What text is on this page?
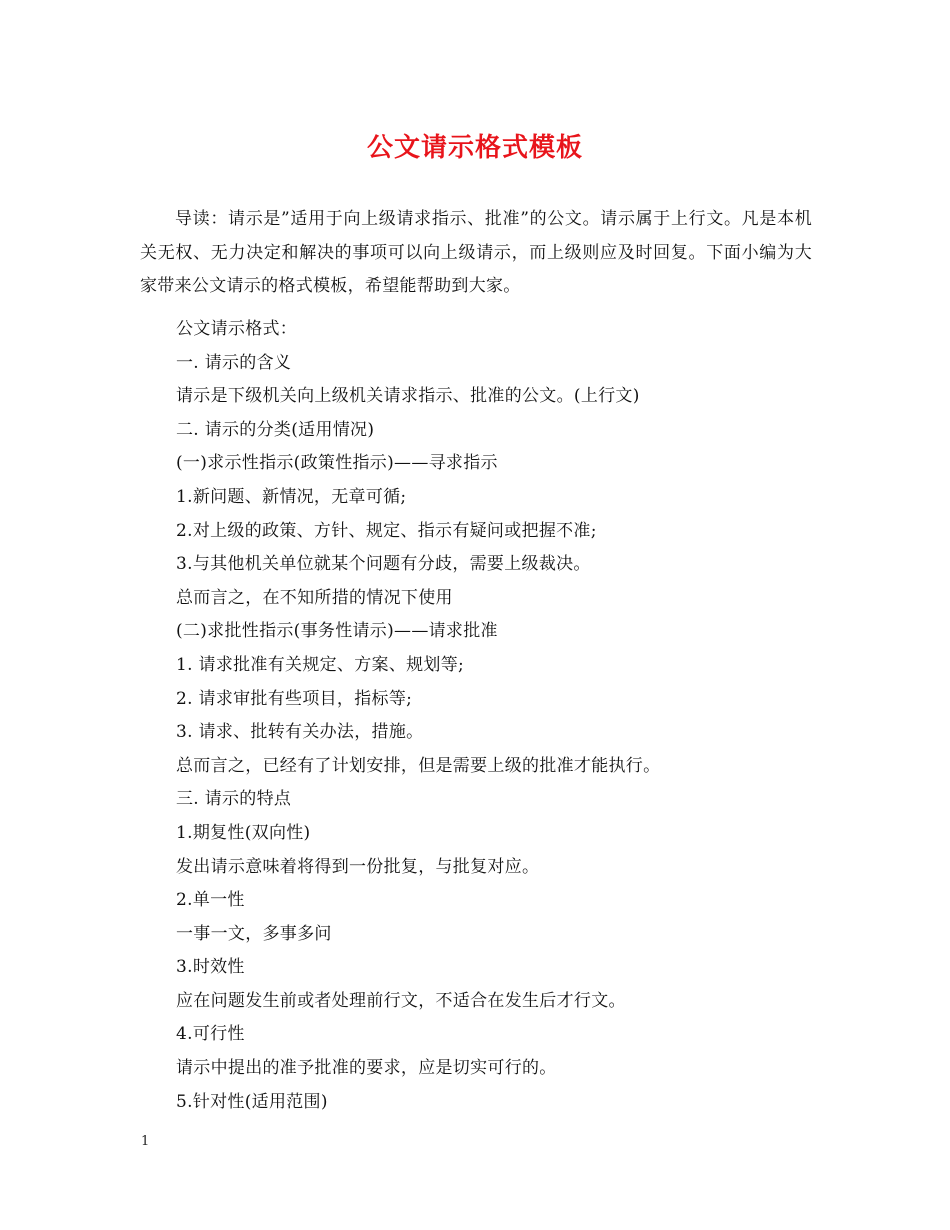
公文请示格式模板
导读：请示是”适用于向上级请求指示、批准”的公文。请示属于上行文。凡是本机关无权、无力决定和解决的事项可以向上级请示，而上级则应及时回复。下面小编为大家带来公文请示的格式模板，希望能帮助到大家。
公文请示格式：
一. 请示的含义
请示是下级机关向上级机关请求指示、批准的公文。(上行文)
二. 请示的分类(适用情况)
(一)求示性指示(政策性指示)——寻求指示
1.新问题、新情况，无章可循;
2.对上级的政策、方针、规定、指示有疑问或把握不准;
3.与其他机关单位就某个问题有分歧，需要上级裁决。
总而言之，在不知所措的情况下使用
(二)求批性指示(事务性请示)——请求批准
1. 请求批准有关规定、方案、规划等;
2. 请求审批有些项目，指标等;
3. 请求、批转有关办法，措施。
总而言之，已经有了计划安排，但是需要上级的批准才能执行。
三. 请示的特点
1.期复性(双向性)
发出请示意味着将得到一份批复，与批复对应。
2.单一性
一事一文，多事多问
3.时效性
应在问题发生前或者处理前行文，不适合在发生后才行文。
4.可行性
请示中提出的准予批准的要求，应是切实可行的。
5.针对性(适用范围)
1
